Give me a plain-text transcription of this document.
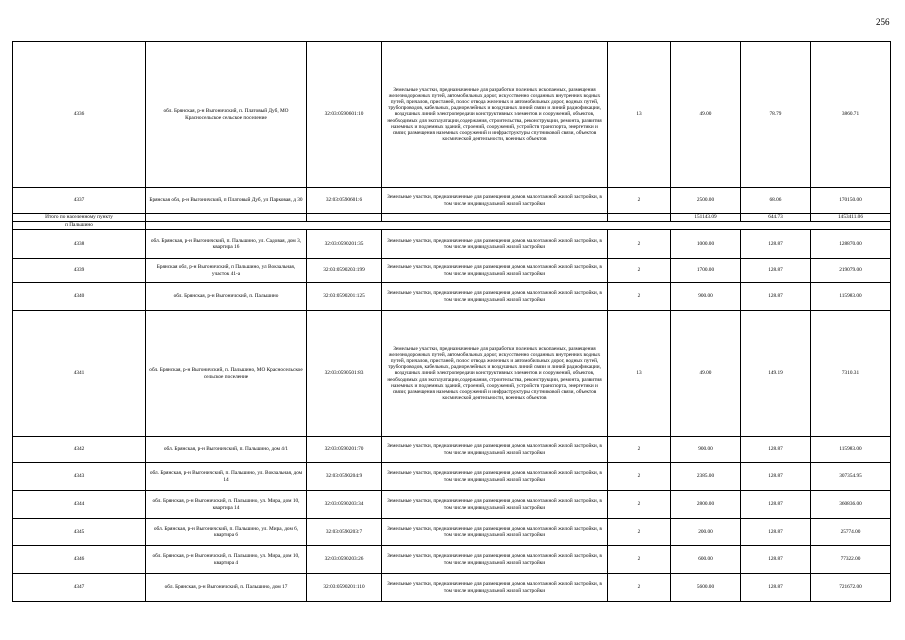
256
4336	обл. Брянская, р-н Выгоничский, п. Платовый Дуб, МО Красносельское сельское поселение	32:03:0590601:10	Земельные участки, предназначенные для разработки полезных ископаемых, размещения железнодорожных путей, автомобильных дорог, искусственно созданных внутренних водных путей, причалов, пристаней, полос отвода железных и автомобильных дорог, водных путей, трубопроводов, кабельных, радиорелейных и воздушных линий связи и линий радиофикации, воздушных линий электропередачи конструктивных элементов и сооружений, объектов, необходимых для эксплуатации,содержания, строительства, реконструкции, ремонта, развития наземных и подземных зданий, строений, сооружений, устройств транспорта, энергетики и связи; размещения наземных сооружений и инфраструктуры спутниковой связи, объектов космической деятельности, военных объектов	13	49.00	78.79	3860.71
4337	Брянская обл, р-н Выгоничский, п Платовый Дуб, ул Парковая, д 30	32:03:0590601:6	Земельные участки, предназначенные для размещения домов малоэтажной жилой застройки, в том числе индивидуальной жилой застройки	2	2500.00	68.06	170150.00
Итого по населенному пункту					151143.09	644.73	1453411.06
п Пальшино							
4338	обл. Брянская, р-н Выгоничский, п. Пальшино, ул. Садовая, дом 3, квартира 16	32:03:0590201:35	Земельные участки, предназначенные для размещения домов малоэтажной жилой застройки, в том числе индивидуальной жилой застройки	2	1000.00	128.87	128870.00
4339	Брянская обл, р-н Выгоничский, п Пальшино, ул Вокзальная, участок 41-а	32:03:0590203:199	Земельные участки, предназначенные для размещения домов малоэтажной жилой застройки, в том числе индивидуальной жилой застройки	2	1700.00	128.87	219079.00
4340	обл. Брянская, р-н Выгоничский, п. Пальшино	32:03:0590201:125	Земельные участки, предназначенные для размещения домов малоэтажной жилой застройки, в том числе индивидуальной жилой застройки	2	900.00	128.87	115983.00
4341	обл. Брянская, р-н Выгоничский, п. Пальшино, МО Красносельское сельское поселение	32:03:0590501:83	Земельные участки, предназначенные для разработки полезных ископаемых, размещения железнодорожных путей, автомобильных дорог, искусственно созданных внутренних водных путей, причалов, пристаней, полос отвода железных и автомобильных дорог, водных путей, трубопроводов, кабельных, радиорелейных и воздушных линий связи и линий радиофикации, воздушных линий электропередачи конструктивных элементов и сооружений, объектов, необходимых для эксплуатации,содержания, строительства, реконструкции, ремонта, развития наземных и подземных зданий, строений, сооружений, устройств транспорта, энергетики и связи; размещения наземных сооружений и инфраструктуры спутниковой связи, объектов космической деятельности, военных объектов	13	49.00	149.19	7310.31
4342	обл. Брянская, р-н Выгоничский, п. Пальшино, дом 4/1	32:03:0590201:70	Земельные участки, предназначенные для размещения домов малоэтажной жилой застройки, в том числе индивидуальной жилой застройки	2	900.00	128.87	115983.00
4343	обл. Брянская, р-н Выгоничский, п. Пальшино, ул. Вокзальная, дом 14	32:03:0590204:9	Земельные участки, предназначенные для размещения домов малоэтажной жилой застройки, в том числе индивидуальной жилой застройки	2	2385.00	128.87	307354.95
4344	обл. Брянская, р-н Выгоничский, п. Пальшино, ул. Мира, дом 10, квартира 14	32:03:0590203:34	Земельные участки, предназначенные для размещения домов малоэтажной жилой застройки, в том числе индивидуальной жилой застройки	2	2800.00	128.87	360836.00
4345	обл. Брянская, р-н Выгоничский, п. Пальшино, ул. Мира, дом 6, квартира 6	32:03:0590203:7	Земельные участки, предназначенные для размещения домов малоэтажной жилой застройки, в том числе индивидуальной жилой застройки	2	200.00	128.87	25774.00
4346	обл. Брянская, р-н Выгоничский, п. Пальшино, ул. Мира, дом 10, квартира 4	32:03:0590203:26	Земельные участки, предназначенные для размещения домов малоэтажной жилой застройки, в том числе индивидуальной жилой застройки	2	600.00	128.87	77322.00
4347	обл. Брянская, р-н Выгоничский, п. Пальшино, дом 17	32:03:0590201:110	Земельные участки, предназначенные для размещения домов малоэтажной жилой застройки, в том числе индивидуальной жилой застройки	2	5600.00	128.87	721672.00
